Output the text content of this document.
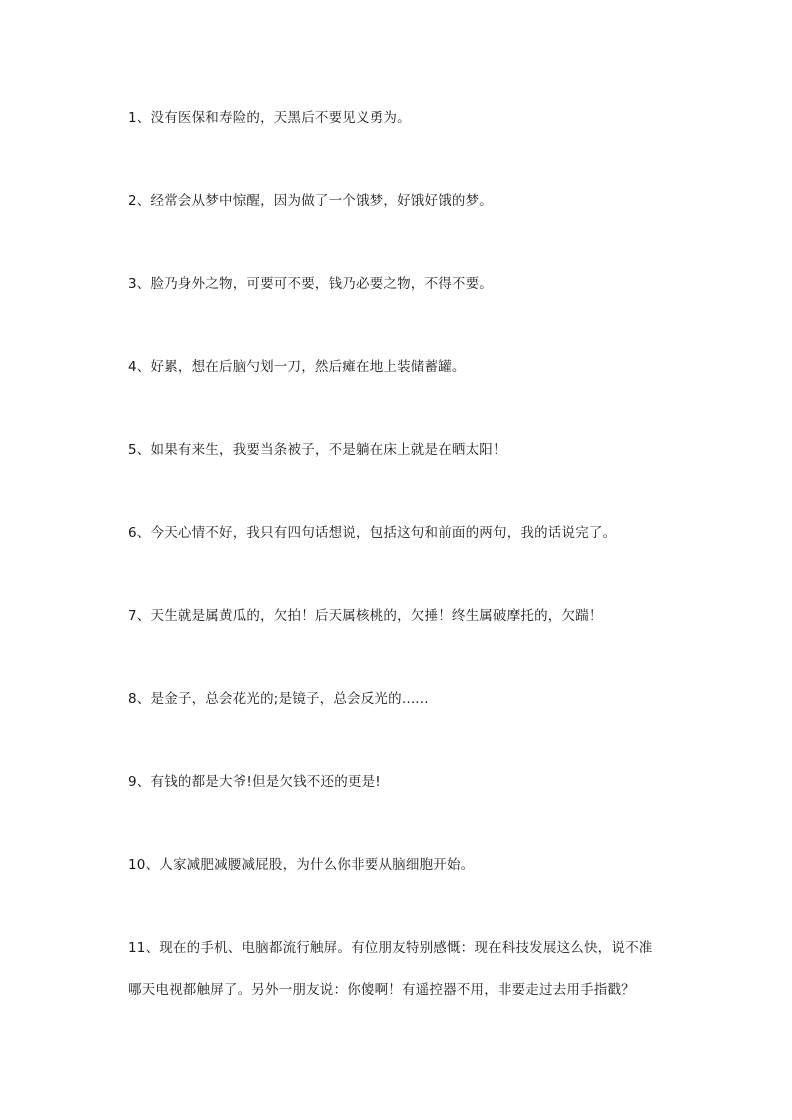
1、没有医保和寿险的，天黑后不要见义勇为。
2、经常会从梦中惊醒，因为做了一个饿梦，好饿好饿的梦。
3、脸乃身外之物，可要可不要，钱乃必要之物，不得不要。
4、好累，想在后脑勺划一刀，然后瘫在地上装储蓄罐。
5、如果有来生，我要当条被子，不是躺在床上就是在晒太阳！
6、今天心情不好，我只有四句话想说，包括这句和前面的两句，我的话说完了。
7、天生就是属黄瓜的，欠拍！后天属核桃的，欠捶！终生属破摩托的，欠踹！
8、是金子，总会花光的;是镜子，总会反光的......
9、有钱的都是大爷!但是欠钱不还的更是!
10、人家减肥减腰减屁股，为什么你非要从脑细胞开始。
11、现在的手机、电脑都流行触屏。有位朋友特别感慨：现在科技发展这么快，说不准
哪天电视都触屏了。另外一朋友说：你傻啊！有遥控器不用，非要走过去用手指戳？
